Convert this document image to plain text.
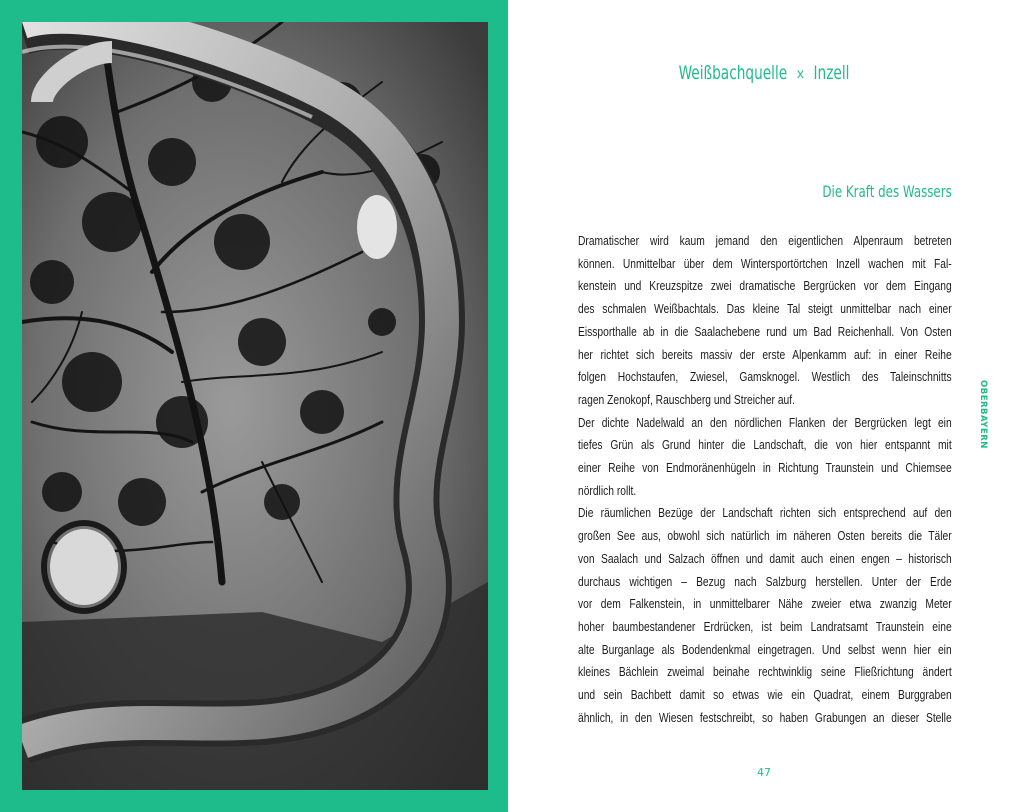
Weißbachquelle × Inzell
Die Kraft des Wassers
Dramatischer wird kaum jemand den eigentlichen Alpenraum betreten
können. Unmittelbar über dem Wintersportörtchen Inzell wachen mit Fal-
kenstein und Kreuzspitze zwei dramatische Bergrücken vor dem Eingang
des schmalen Weißbachtals. Das kleine Tal steigt unmittelbar nach einer
Eissporthalle ab in die Saalachebene rund um Bad Reichenhall. Von Osten
her richtet sich bereits massiv der erste Alpenkamm auf: in einer Reihe
folgen Hochstaufen, Zwiesel, Gamsknogel. Westlich des Taleinschnitts
ragen Zenokopf, Rauschberg und Streicher auf.
Der dichte Nadelwald an den nördlichen Flanken der Bergrücken legt ein
tiefes Grün als Grund hinter die Landschaft, die von hier entspannt mit
einer Reihe von Endmoränenhügeln in Richtung Traunstein und Chiemsee
nördlich rollt.
Die räumlichen Bezüge der Landschaft richten sich entsprechend auf den
großen See aus, obwohl sich natürlich im näheren Osten bereits die Täler
von Saalach und Salzach öffnen und damit auch einen engen – historisch
durchaus wichtigen – Bezug nach Salzburg herstellen. Unter der Erde
vor dem Falkenstein, in unmittelbarer Nähe zweier etwa zwanzig Meter
hoher baumbestandener Erdrücken, ist beim Landratsamt Traunstein eine
alte Burganlage als Bodendenkmal eingetragen. Und selbst wenn hier ein
kleines Bächlein zweimal beinahe rechtwinklig seine Fließrichtung ändert
und sein Bachbett damit so etwas wie ein Quadrat, einem Burggraben
ähnlich, in den Wiesen festschreibt, so haben Grabungen an dieser Stelle
OBERBAYERN
47
